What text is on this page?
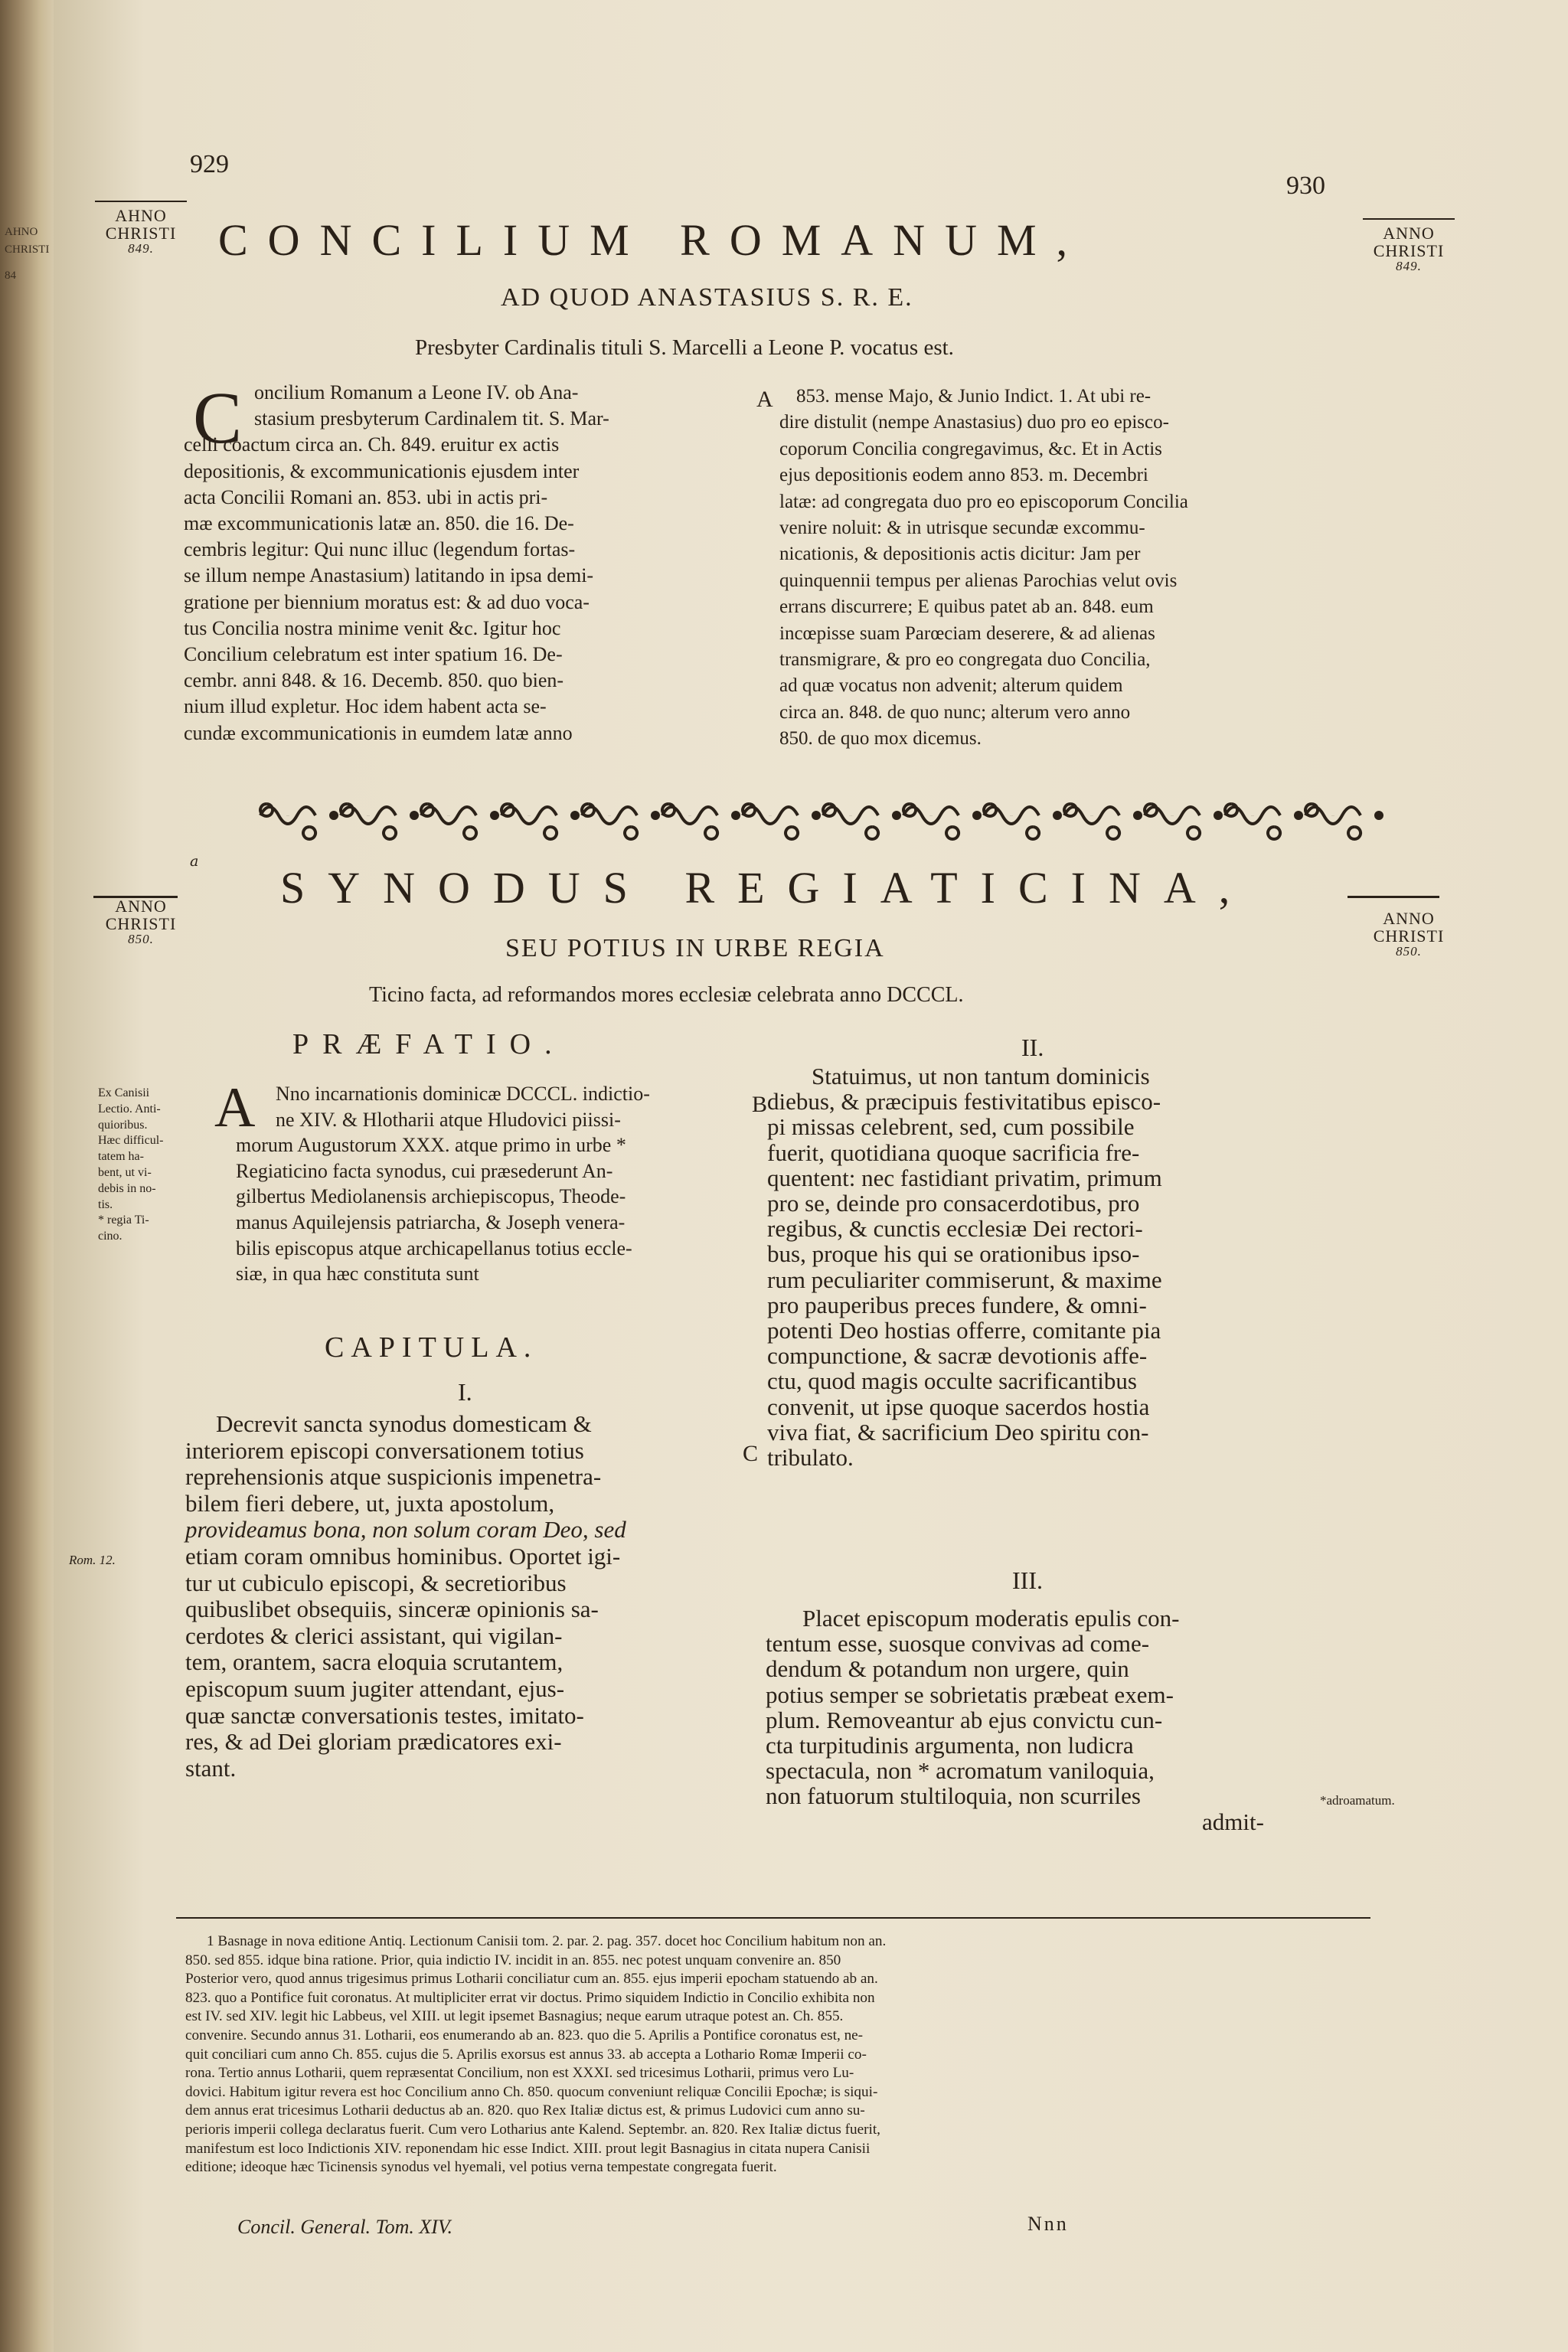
AHNO
CHRISTI
84
929
930
AHNO
CHRISTI
849.
ANNO
CHRISTI
849.
CONCILIUM ROMANUM,
AD QUOD ANASTASIUS S. R. E.
Presbyter Cardinalis tituli S. Marcelli a Leone P. vocatus est.
C oncilium Romanum a Leone IV. ob Ana-
stasium presbyterum Cardinalem tit. S. Mar-
celli coactum circa an. Ch. 849. eruitur ex actis
depositionis, & excommunicationis ejusdem inter
acta Concilii Romani an. 853. ubi in actis pri-
mæ excommunicationis latæ an. 850. die 16. De-
cembris legitur: Qui nunc illuc (legendum fortas-
se illum nempe Anastasium) latitando in ipsa demi-
gratione per biennium moratus est: & ad duo voca-
tus Concilia nostra minime venit &c. Igitur hoc
Concilium celebratum est inter spatium 16. De-
cembr. anni 848. & 16. Decemb. 850. quo bien-
nium illud expletur. Hoc idem habent acta se-
cundæ excommunicationis in eumdem latæ anno
A 853. mense Majo, & Junio Indict. 1. At ubi re-
dire distulit (nempe Anastasius) duo pro eo episco-
coporum Concilia congregavimus, &c. Et in Actis
ejus depositionis eodem anno 853. m. Decembri
latæ: ad congregata duo pro eo episcoporum Concilia
venire noluit: & in utrisque secundæ excommu-
nicationis, & depositionis actis dicitur: Jam per
quinquennii tempus per alienas Parochias velut ovis
errans discurrere; E quibus patet ab an. 848. eum
incœpisse suam Parœciam deserere, & ad alienas
transmigrare, & pro eo congregata duo Concilia,
ad quæ vocatus non advenit; alterum quidem
circa an. 848. de quo nunc; alterum vero anno
850. de quo mox dicemus.
a
ANNO
CHRISTI
850.
SYNODUS REGIATICINA,
ANNO
CHRISTI
850.
SEU POTIUS IN URBE REGIA
Ticino facta, ad reformandos mores ecclesiæ celebrata anno DCCCL.
PRÆFATIO.
A Nno incarnationis dominicæ DCCCL. indictio-
ne XIV. & Hlotharii atque Hludovici piissi-
morum Augustorum XXX. atque primo in urbe *
Regiaticino facta synodus, cui præsederunt An-
gilbertus Mediolanensis archiepiscopus, Theode-
manus Aquilejensis patriarcha, & Joseph venera-
bilis episcopus atque archicapellanus totius eccle-
siæ, in qua hæc constituta sunt
Ex Canisii
Lectio. Anti-
quioribus.
Hæc difficul-
tatem ha-
bent, ut vi-
debis in no-
tis.
* regia Ti-
cino.
CAPITULA.
I.
Decrevit sancta synodus domesticam &
interiorem episcopi conversationem totius
reprehensionis atque suspicionis impenetra-
bilem fieri debere, ut, juxta apostolum,
provideamus bona, non solum coram Deo, sed
etiam coram omnibus hominibus. Oportet igi-
tur ut cubiculo episcopi, & secretioribus
quibuslibet obsequiis, sinceræ opinionis sa-
cerdotes & clerici assistant, qui vigilan-
tem, orantem, sacra eloquia scrutantem,
episcopum suum jugiter attendant, ejus-
quæ sanctæ conversationis testes, imitato-
res, & ad Dei gloriam prædicatores exi-
stant.
Rom. 12.
II.
B
C
Statuimus, ut non tantum dominicis
diebus, & præcipuis festivitatibus episco-
pi missas celebrent, sed, cum possibile
fuerit, quotidiana quoque sacrificia fre-
quentent: nec fastidiant privatim, primum
pro se, deinde pro consacerdotibus, pro
regibus, & cunctis ecclesiæ Dei rectori-
bus, proque his qui se orationibus ipso-
rum peculiariter commiserunt, & maxime
pro pauperibus preces fundere, & omni-
potenti Deo hostias offerre, comitante pia
compunctione, & sacræ devotionis affe-
ctu, quod magis occulte sacrificantibus
convenit, ut ipse quoque sacerdos hostia
viva fiat, & sacrificium Deo spiritu con-
tribulato.
III.
Placet episcopum moderatis epulis con-
tentum esse, suosque convivas ad come-
dendum & potandum non urgere, quin
potius semper se sobrietatis præbeat exem-
plum. Removeantur ab ejus convictu cun-
cta turpitudinis argumenta, non ludicra
spectacula, non * acromatum vaniloquia,
non fatuorum stultiloquia, non scurriles
admit-
*adroamatum.
1 Basnage in nova editione Antiq. Lectionum Canisii tom. 2. par. 2. pag. 357. docet hoc Concilium habitum non an.
850. sed 855. idque bina ratione. Prior, quia indictio IV. incidit in an. 855. nec potest unquam convenire an. 850
Posterior vero, quod annus trigesimus primus Lotharii conciliatur cum an. 855. ejus imperii epocham statuendo ab an.
823. quo a Pontifice fuit coronatus. At multipliciter errat vir doctus. Primo siquidem Indictio in Concilio exhibita non
est IV. sed XIV. legit hic Labbeus, vel XIII. ut legit ipsemet Basnagius; neque earum utraque potest an. Ch. 855.
convenire. Secundo annus 31. Lotharii, eos enumerando ab an. 823. quo die 5. Aprilis a Pontifice coronatus est, ne-
quit conciliari cum anno Ch. 855. cujus die 5. Aprilis exorsus est annus 33. ab accepta a Lothario Romæ Imperii co-
rona. Tertio annus Lotharii, quem repræsentat Concilium, non est XXXI. sed tricesimus Lotharii, primus vero Lu-
dovici. Habitum igitur revera est hoc Concilium anno Ch. 850. quocum conveniunt reliquæ Concilii Epochæ; is siqui-
dem annus erat tricesimus Lotharii deductus ab an. 820. quo Rex Italiæ dictus est, & primus Ludovici cum anno su-
perioris imperii collega declaratus fuerit. Cum vero Lotharius ante Kalend. Septembr. an. 820. Rex Italiæ dictus fuerit,
manifestum est loco Indictionis XIV. reponendam hic esse Indict. XIII. prout legit Basnagius in citata nupera Canisii
editione; ideoque hæc Ticinensis synodus vel hyemali, vel potius verna tempestate congregata fuerit.
Concil. General. Tom. XIV.	Nnn
